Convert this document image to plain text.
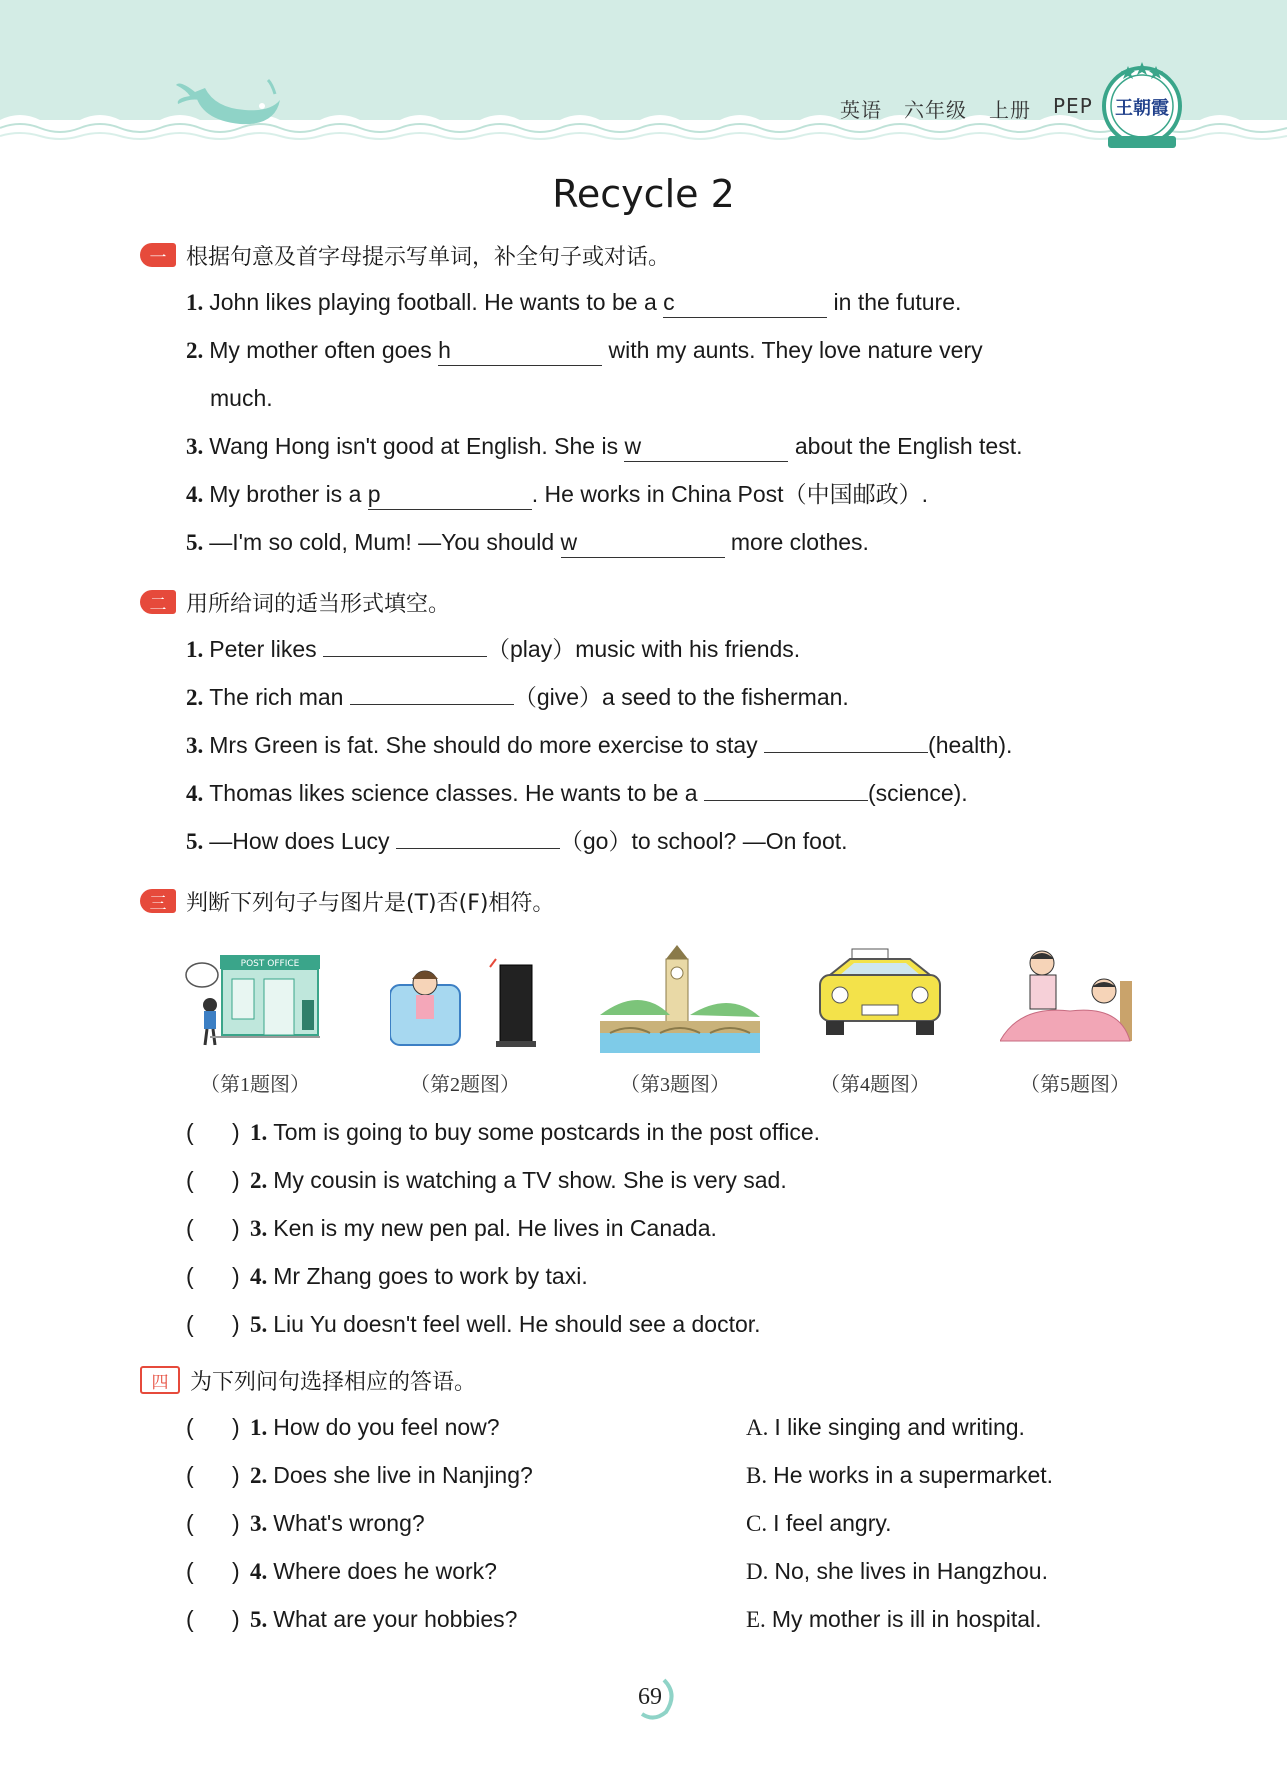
英语 六年级 上册 PEP 王朝霞
Recycle 2
一 根据句意及首字母提示写单词，补全句子或对话。
1. John likes playing football. He wants to be a c	in the future.
2. My mother often goes h	with my aunts. They love nature very
much.
3. Wang Hong isn't good at English. She is w	about the English test.
4. My brother is a p	. He works in China Post（中国邮政）.
5. —I'm so cold, Mum! —You should w	more clothes.
二 用所给词的适当形式填空。
1. Peter likes	（play）music with his friends.
2. The rich man	（give）a seed to the fisherman.
3. Mrs Green is fat. She should do more exercise to stay	(health).
4. Thomas likes science classes. He wants to be a	(science).
5. —How does Lucy	（go）to school? —On foot.
三 判断下列句子与图片是(T)否(F)相符。
POST OFFICE
（第1题图）	（第2题图）	（第3题图）	（第4题图）	（第5题图）
(      ) 1. Tom is going to buy some postcards in the post office.
(      ) 2. My cousin is watching a TV show. She is very sad.
(      ) 3. Ken is my new pen pal. He lives in Canada.
(      ) 4. Mr Zhang goes to work by taxi.
(      ) 5. Liu Yu doesn't feel well. He should see a doctor.
四 为下列问句选择相应的答语。
(      ) 1. How do you feel now?	A. I like singing and writing.
(      ) 2. Does she live in Nanjing?	B. He works in a supermarket.
(      ) 3. What's wrong?	C. I feel angry.
(      ) 4. Where does he work?	D. No, she lives in Hangzhou.
(      ) 5. What are your hobbies?	E. My mother is ill in hospital.
69
